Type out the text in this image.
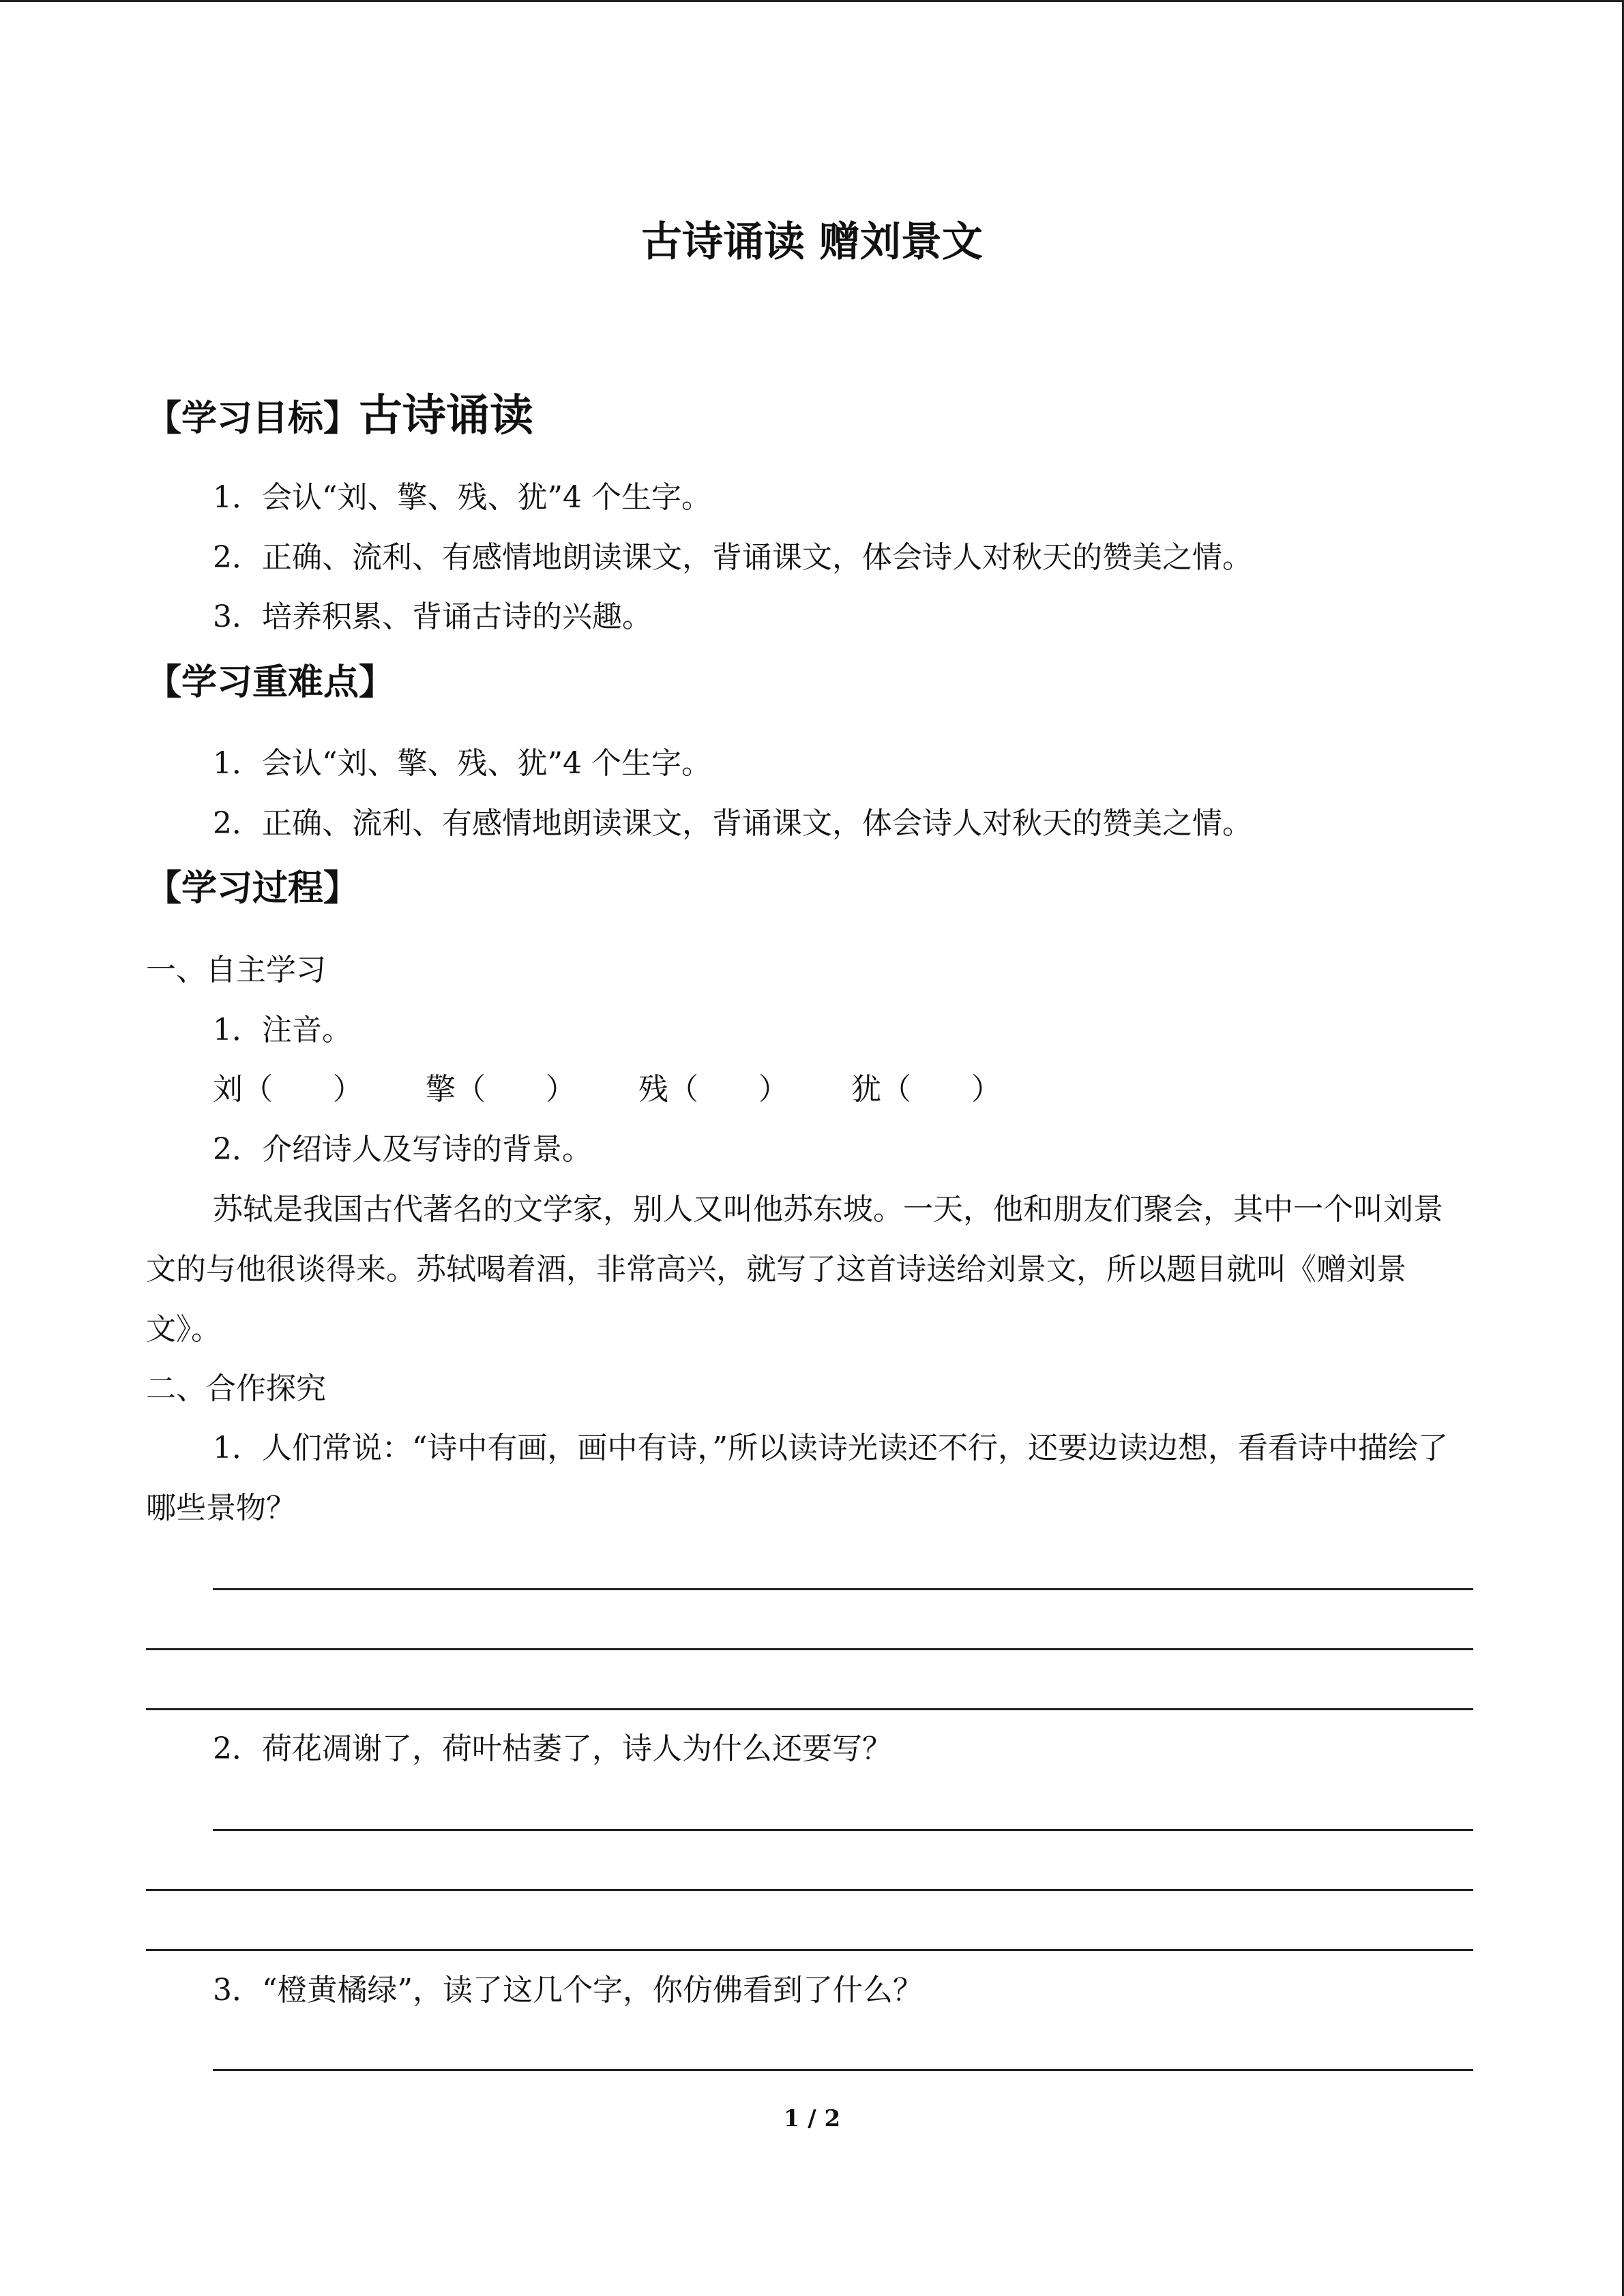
古诗诵读 赠刘景文
【学习目标】古诗诵读
1．会认“刘、擎、残、犹”4 个生字。
2．正确、流利、有感情地朗读课文，背诵课文，体会诗人对秋天的赞美之情。
3．培养积累、背诵古诗的兴趣。
【学习重难点】
1．会认“刘、擎、残、犹”4 个生字。
2．正确、流利、有感情地朗读课文，背诵课文，体会诗人对秋天的赞美之情。
【学习过程】
一、自主学习
1．注音。
刘（　　） 擎（　　） 残（　　） 犹（　　）
2．介绍诗人及写诗的背景。
苏轼是我国古代著名的文学家，别人又叫他苏东坡。一天，他和朋友们聚会，其中一个叫刘景文的与他很谈得来。苏轼喝着酒，非常高兴，就写了这首诗送给刘景文，所以题目就叫《赠刘景文》。
二、合作探究
1．人们常说：“诗中有画，画中有诗，”所以读诗光读还不行，还要边读边想，看看诗中描绘了哪些景物？
2．荷花凋谢了，荷叶枯萎了，诗人为什么还要写？
3．“橙黄橘绿”，读了这几个字，你仿佛看到了什么？
1 / 2
